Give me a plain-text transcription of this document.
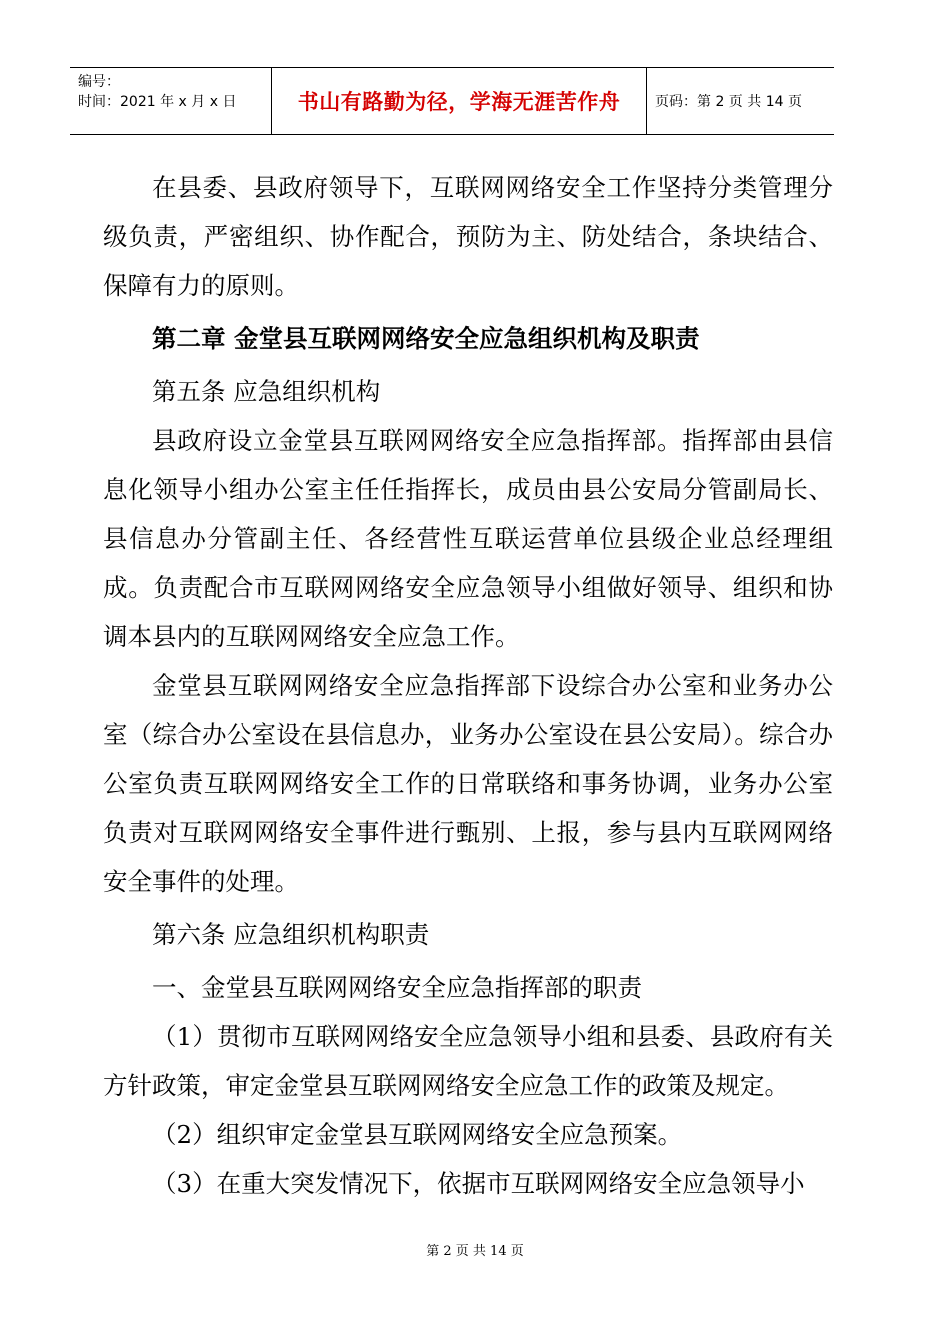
编号：
时间：2021 年 x 月 x 日	书山有路勤为径，学海无涯苦作舟 页码：第 2 页 共 14 页

在县委、县政府领导下，互联网网络安全工作坚持分类管理分级负责，严密组织、协作配合，预防为主、防处结合，条块结合、保障有力的原则。

第二章 金堂县互联网网络安全应急组织机构及职责

第五条 应急组织机构

县政府设立金堂县互联网网络安全应急指挥部。指挥部由县信息化领导小组办公室主任任指挥长，成员由县公安局分管副局长、县信息办分管副主任、各经营性互联运营单位县级企业总经理组成。负责配合市互联网网络安全应急领导小组做好领导、组织和协调本县内的互联网网络安全应急工作。

金堂县互联网网络安全应急指挥部下设综合办公室和业务办公室（综合办公室设在县信息办，业务办公室设在县公安局）。综合办公室负责互联网网络安全工作的日常联络和事务协调，业务办公室负责对互联网网络安全事件进行甄别、上报，参与县内互联网网络安全事件的处理。

第六条 应急组织机构职责

一、金堂县互联网网络安全应急指挥部的职责

（1）贯彻市互联网网络安全应急领导小组和县委、县政府有关方针政策，审定金堂县互联网网络安全应急工作的政策及规定。

（2）组织审定金堂县互联网网络安全应急预案。

（3）在重大突发情况下，依据市互联网网络安全应急领导小

第 2 页 共 14 页
